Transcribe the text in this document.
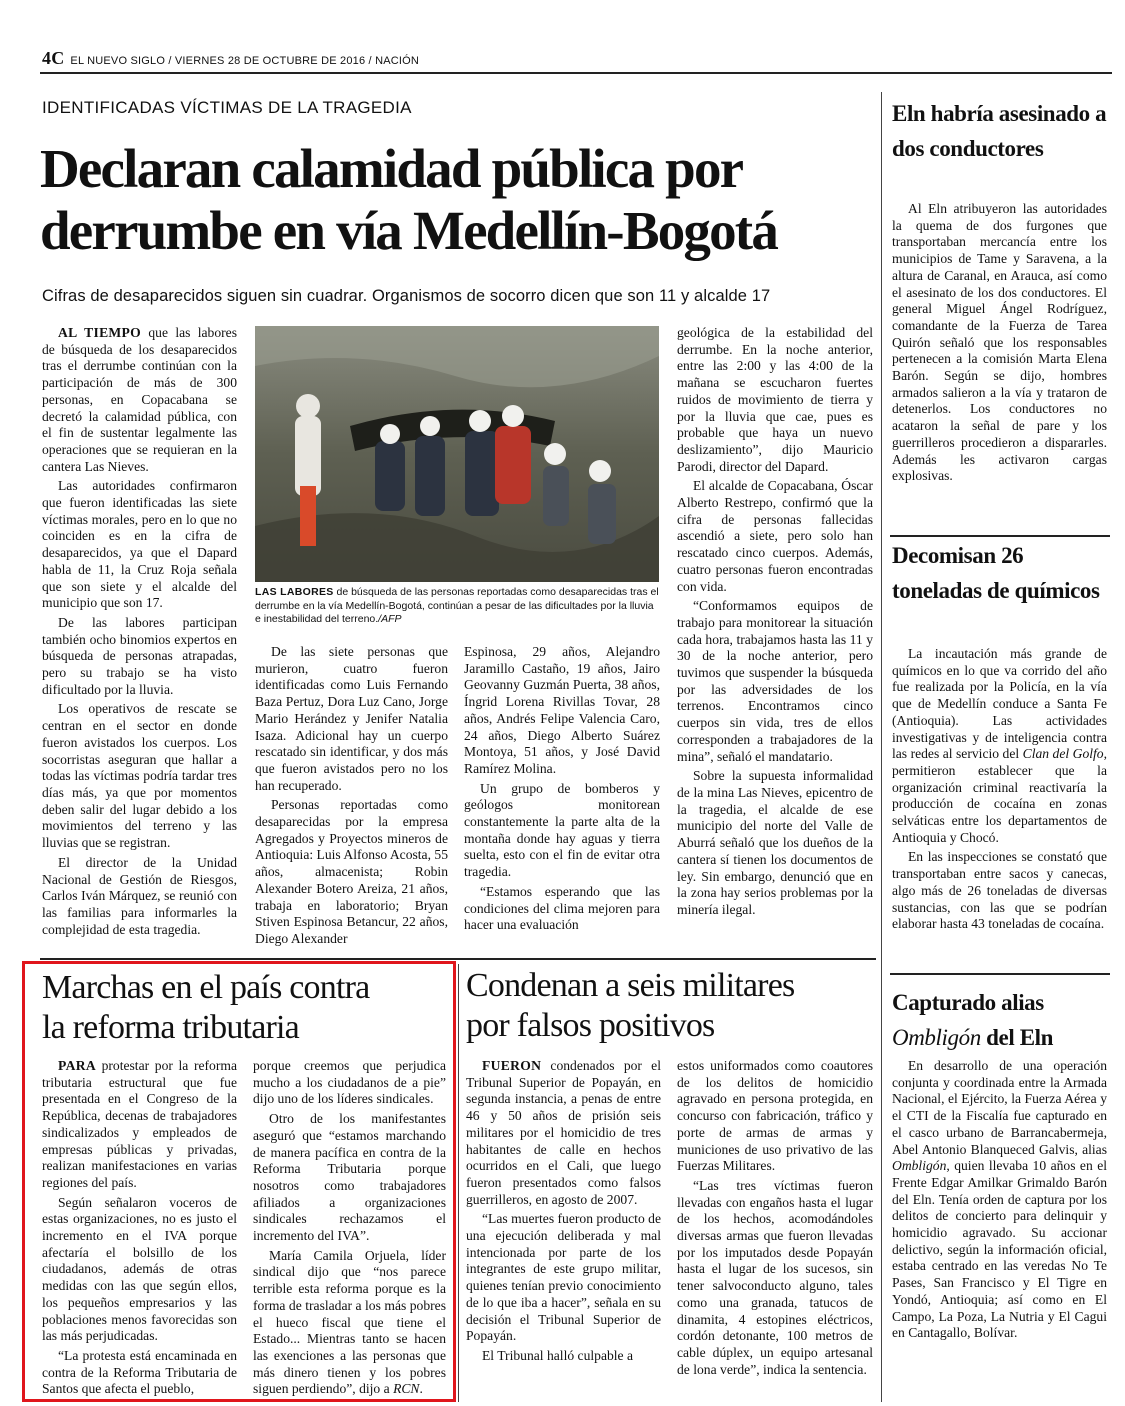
4C EL NUEVO SIGLO / VIERNES 28 DE OCTUBRE DE 2016 / NACIÓN
IDENTIFICADAS VÍCTIMAS DE LA TRAGEDIA
Declaran calamidad pública por
derrumbe en vía Medellín-Bogotá
Cifras de desaparecidos siguen sin cuadrar. Organismos de socorro dicen que son 11 y alcalde 17

AL TIEMPO que las labores de búsqueda de los desaparecidos tras el derrumbe continúan con la participación de más de 300 personas, en Copacabana se decretó la calamidad pública, con el fin de sustentar legalmente las operaciones que se requieran en la cantera Las Nieves.

Las autoridades confirmaron que fueron identificadas las siete víctimas morales, pero en lo que no coinciden es en la cifra de desaparecidos, ya que el Dapard habla de 11, la Cruz Roja señala que son siete y el alcalde del municipio que son 17.

De las labores participan también ocho binomios expertos en búsqueda de personas atrapadas, pero su trabajo se ha visto dificultado por la lluvia.

Los operativos de rescate se centran en el sector en donde fueron avistados los cuerpos. Los socorristas aseguran que hallar a todas las víctimas podría tardar tres días más, ya que por momentos deben salir del lugar debido a los movimientos del terreno y las lluvias que se registran.

El director de la Unidad Nacional de Gestión de Riesgos, Carlos Iván Márquez, se reunió con las familias para informarles la complejidad de esta tragedia.

LAS LABORES de búsqueda de las personas reportadas como desaparecidas tras el derrumbe en la vía Medellín-Bogotá, continúan a pesar de las dificultades por la lluvia e inestabilidad del terreno./AFP

De las siete personas que murieron, cuatro fueron identificadas como Luis Fernando Baza Pertuz, Dora Luz Cano, Jorge Mario Herández y Jenifer Natalia Isaza. Adicional hay un cuerpo rescatado sin identificar, y dos más que fueron avistados pero no los han recuperado.

Personas reportadas como desaparecidas por la empresa Agregados y Proyectos mineros de Antioquia: Luis Alfonso Acosta, 55 años, almacenista; Robin Alexander Botero Areiza, 21 años, trabaja en laboratorio; Bryan Stiven Espinosa Betancur, 22 años, Diego Alexander

Espinosa, 29 años, Alejandro Jaramillo Castaño, 19 años, Jairo Geovanny Guzmán Puerta, 38 años, Íngrid Lorena Rivillas Tovar, 28 años, Andrés Felipe Valencia Caro, 24 años, Diego Alberto Suárez Montoya, 51 años, y José David Ramírez Molina.

Un grupo de bomberos y geólogos monitorean constantemente la parte alta de la montaña donde hay aguas y tierra suelta, esto con el fin de evitar otra tragedia.

“Estamos esperando que las condiciones del clima mejoren para hacer una evaluación

geológica de la estabilidad del derrumbe. En la noche anterior, entre las 2:00 y las 4:00 de la mañana se escucharon fuertes ruidos de movimiento de tierra y por la lluvia que cae, pues es probable que haya un nuevo deslizamiento”, dijo Mauricio Parodi, director del Dapard.

El alcalde de Copacabana, Óscar Alberto Restrepo, confirmó que la cifra de personas fallecidas ascendió a siete, pero solo han rescatado cinco cuerpos. Además, cuatro personas fueron encontradas con vida.

“Conformamos equipos de trabajo para monitorear la situación cada hora, trabajamos hasta las 11 y 30 de la noche anterior, pero tuvimos que suspender la búsqueda por las adversidades de los terrenos. Encontramos cinco cuerpos sin vida, tres de ellos corresponden a trabajadores de la mina”, señaló el mandatario.

Sobre la supuesta informalidad de la mina Las Nieves, epicentro de la tragedia, el alcalde de ese municipio del norte del Valle de Aburrá señaló que los dueños de la cantera sí tienen los documentos de ley. Sin embargo, denunció que en la zona hay serios problemas por la minería ilegal.

Eln habría asesinado a dos conductores

Al Eln atribuyeron las autoridades la quema de dos furgones que transportaban mercancía entre los municipios de Tame y Saravena, a la altura de Caranal, en Arauca, así como el asesinato de los dos conductores. El general Miguel Ángel Rodríguez, comandante de la Fuerza de Tarea Quirón señaló que los responsables pertenecen a la comisión Marta Elena Barón. Según se dijo, hombres armados salieron a la vía y trataron de detenerlos. Los conductores no acataron la señal de pare y los guerrilleros procedieron a dispararles. Además les activaron cargas explosivas.

Decomisan 26 toneladas de químicos

La incautación más grande de químicos en lo que va corrido del año fue realizada por la Policía, en la vía que de Medellín conduce a Santa Fe (Antioquia). Las actividades investigativas y de inteligencia contra las redes al servicio del Clan del Golfo, permitieron establecer que la organización criminal reactivaría la producción de cocaína en zonas selváticas entre los departamentos de Antioquia y Chocó.

En las inspecciones se constató que transportaban entre sacos y canecas, algo más de 26 toneladas de diversas sustancias, con las que se podrían elaborar hasta 43 toneladas de cocaína.

Capturado alias
Ombligón del Eln

En desarrollo de una operación conjunta y coordinada entre la Armada Nacional, el Ejército, la Fuerza Aérea y el CTI de la Fiscalía fue capturado en el casco urbano de Barrancabermeja, Abel Antonio Blanqueced Galvis, alias Ombligón, quien llevaba 10 años en el Frente Edgar Amilkar Grimaldo Barón del Eln. Tenía orden de captura por los delitos de concierto para delinquir y homicidio agravado. Su accionar delictivo, según la información oficial, estaba centrado en las veredas No Te Pases, San Francisco y El Tigre en Yondó, Antioquia; así como en El Campo, La Poza, La Nutria y El Cagui en Cantagallo, Bolívar.

Marchas en el país contra
la reforma tributaria

PARA protestar por la reforma tributaria estructural que fue presentada en el Congreso de la República, decenas de trabajadores sindicalizados y empleados de empresas públicas y privadas, realizan manifestaciones en varias regiones del país.

Según señalaron voceros de estas organizaciones, no es justo el incremento en el IVA porque afectaría el bolsillo de los ciudadanos, además de otras medidas con las que según ellos, los pequeños empresarios y las poblaciones menos favorecidas son las más perjudicadas.

“La protesta está encaminada en contra de la Reforma Tributaria de Santos que afecta el pueblo,

porque creemos que perjudica mucho a los ciudadanos de a pie” dijo uno de los líderes sindicales.

Otro de los manifestantes aseguró que “estamos marchando de manera pacífica en contra de la Reforma Tributaria porque nosotros como trabajadores afiliados a organizaciones sindicales rechazamos el incremento del IVA”.

María Camila Orjuela, líder sindical dijo que “nos parece terrible esta reforma porque es la forma de trasladar a los más pobres el hueco fiscal que tiene el Estado... Mientras tanto se hacen las exenciones a las personas que más dinero tienen y los pobres siguen perdiendo”, dijo a RCN.

Condenan a seis militares
por falsos positivos

FUERON condenados por el Tribunal Superior de Popayán, en segunda instancia, a penas de entre 46 y 50 años de prisión seis militares por el homicidio de tres habitantes de calle en hechos ocurridos en el Cali, que luego fueron presentados como falsos guerrilleros, en agosto de 2007.

“Las muertes fueron producto de una ejecución deliberada y mal intencionada por parte de los integrantes de este grupo militar, quienes tenían previo conocimiento de lo que iba a hacer”, señala en su decisión el Tribunal Superior de Popayán.

El Tribunal halló culpable a

estos uniformados como coautores de los delitos de homicidio agravado en persona protegida, en concurso con fabricación, tráfico y porte de armas de armas y municiones de uso privativo de las Fuerzas Militares.

“Las tres víctimas fueron llevadas con engaños hasta el lugar de los hechos, acomodándoles diversas armas que fueron llevadas por los imputados desde Popayán hasta el lugar de los sucesos, sin tener salvoconducto alguno, tales como una granada, tatucos de dinamita, 4 estopines eléctricos, cordón detonante, 100 metros de cable dúplex, un equipo artesanal de lona verde”, indica la sentencia.
